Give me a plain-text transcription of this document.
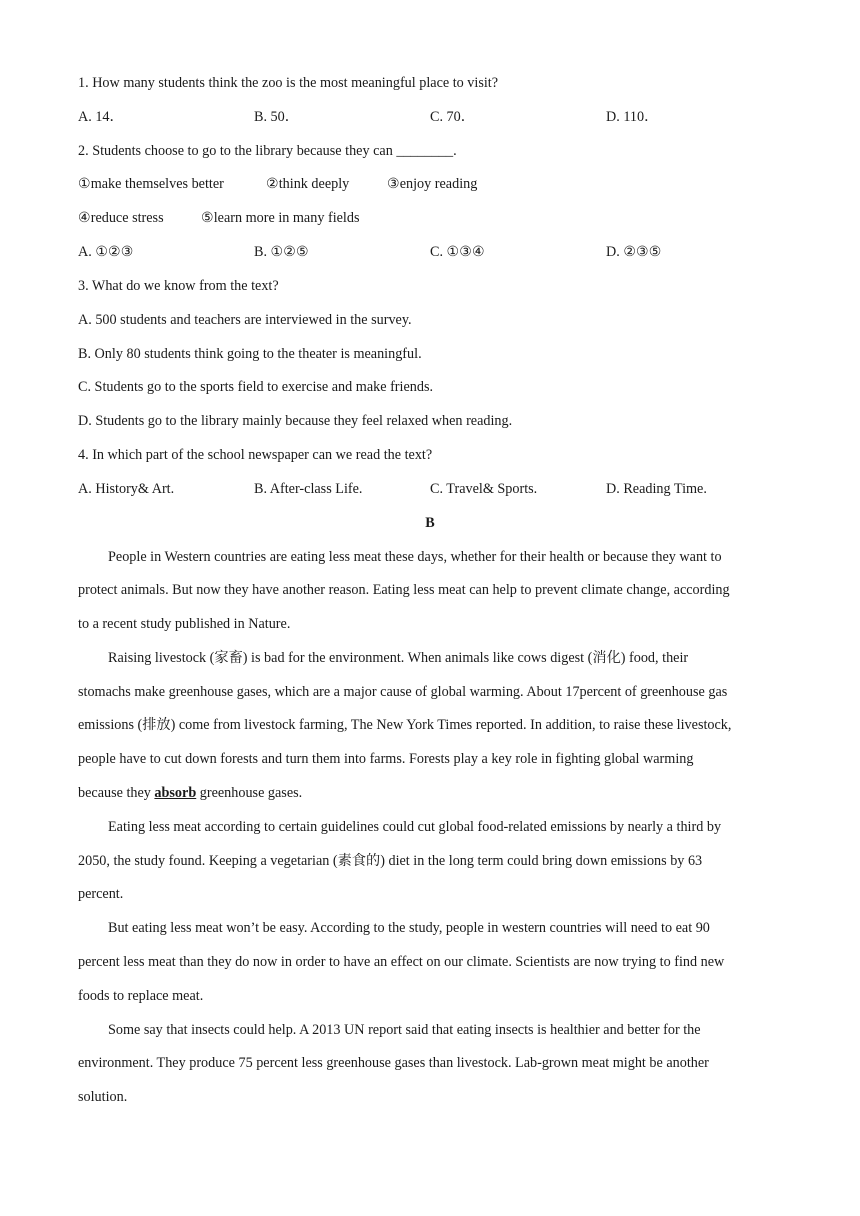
1. How many students think the zoo is the most meaningful place to visit?
A. 14．	B. 50．	C. 70．	D. 110．
2. Students choose to go to the library because they can ________.
①make themselves better	②think deeply	③enjoy reading
④reduce stress	⑤learn more in many fields
A. ①②③	B. ①②⑤	C. ①③④	D. ②③⑤
3. What do we know from the text?
A. 500 students and teachers are interviewed in the survey.
B. Only 80 students think going to the theater is meaningful.
C. Students go to the sports field to exercise and make friends.
D. Students go to the library mainly because they feel relaxed when reading.
4. In which part of the school newspaper can we read the text?
A. History& Art.	B. After-class Life.	C. Travel& Sports.	D. Reading Time.
B
People in Western countries are eating less meat these days, whether for their health or because they want to
protect animals. But now they have another reason. Eating less meat can help to prevent climate change, according
to a recent study published in Nature.
Raising livestock (家畜) is bad for the environment. When animals like cows digest (消化) food, their
stomachs make greenhouse gases, which are a major cause of global warming. About 17percent of greenhouse gas
emissions (排放) come from livestock farming, The New York Times reported. In addition, to raise these livestock,
people have to cut down forests and turn them into farms. Forests play a key role in fighting global warming
because they absorb greenhouse gases.
Eating less meat according to certain guidelines could cut global food-related emissions by nearly a third by
2050, the study found. Keeping a vegetarian (素食的) diet in the long term could bring down emissions by 63
percent.
But eating less meat won’t be easy. According to the study, people in western countries will need to eat 90
percent less meat than they do now in order to have an effect on our climate. Scientists are now trying to find new
foods to replace meat.
Some say that insects could help. A 2013 UN report said that eating insects is healthier and better for the
environment. They produce 75 percent less greenhouse gases than livestock. Lab-grown meat might be another
solution.
